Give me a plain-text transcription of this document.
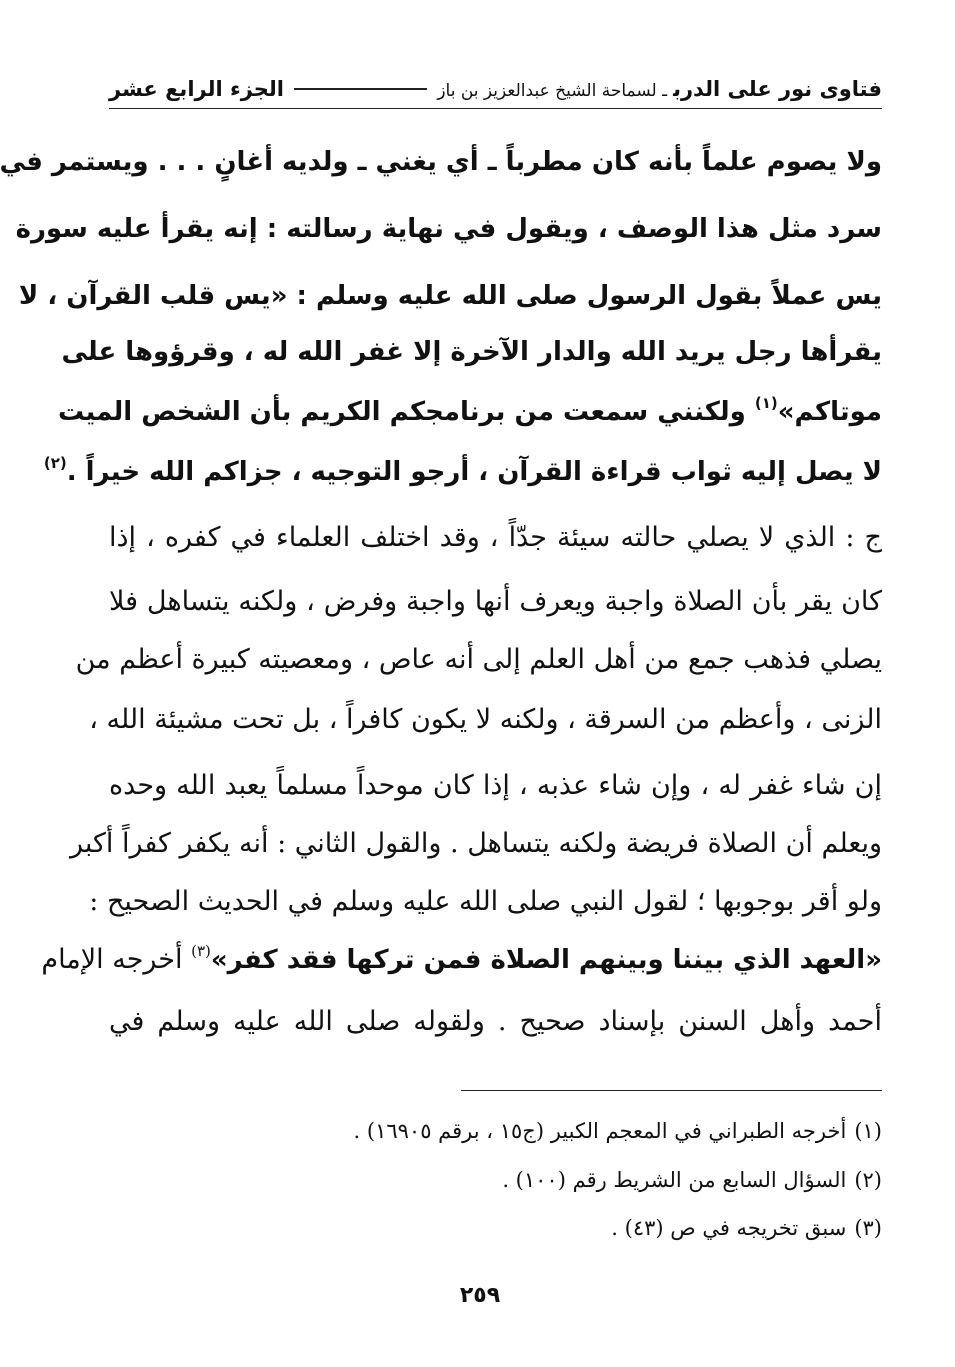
فتاوى نور على الدربـ لسماحة الشيخ عبدالعزيز بن باز
الجزء الرابع عشر
ولا يصوم علماً بأنه كان مطرباً ـ أي يغني ـ ولديه أغانٍ . . . ويستمر في
سرد مثل هذا الوصف ، ويقول في نهاية رسالته : إنه يقرأ عليه سورة
يس عملاً بقول الرسول صلى الله عليه وسلم : «يس قلب القرآن ، لا
يقرأها رجل يريد الله والدار الآخرة إلا غفر الله له ، وقرؤوها على
موتاكم»$^{(١)}$ ولكنني سمعت من برنامجكم الكريم بأن الشخص الميت
لا يصل إليه ثواب قراءة القرآن ، أرجو التوجيه ، جزاكم الله خيراً .$^{(٢)}$
ج : الذي لا يصلي حالته سيئة جدّاً ، وقد اختلف العلماء في كفره ، إذا
كان يقر بأن الصلاة واجبة ويعرف أنها واجبة وفرض ، ولكنه يتساهل فلا
يصلي فذهب جمع من أهل العلم إلى أنه عاص ، ومعصيته كبيرة أعظم من
الزنى ، وأعظم من السرقة ، ولكنه لا يكون كافراً ، بل تحت مشيئة الله ،
إن شاء غفر له ، وإن شاء عذبه ، إذا كان موحداً مسلماً يعبد الله وحده
ويعلم أن الصلاة فريضة ولكنه يتساهل . والقول الثاني : أنه يكفر كفراً أكبر
ولو أقر بوجوبها ؛ لقول النبي صلى الله عليه وسلم في الحديث الصحيح :
«العهد الذي بيننا وبينهم الصلاة فمن تركها فقد كفر»$^{(٣)}$ أخرجه الإمام
أحمد وأهل السنن بإسناد صحيح . ولقوله صلى الله عليه وسلم في
(١)أخرجه الطبراني في المعجم الكبير (ج١٥ ، برقم ١٦٩٠٥) .
(٢)السؤال السابع من الشريط رقم (١٠٠) .
(٣)سبق تخريجه في ص (٤٣) .
٢٥٩
